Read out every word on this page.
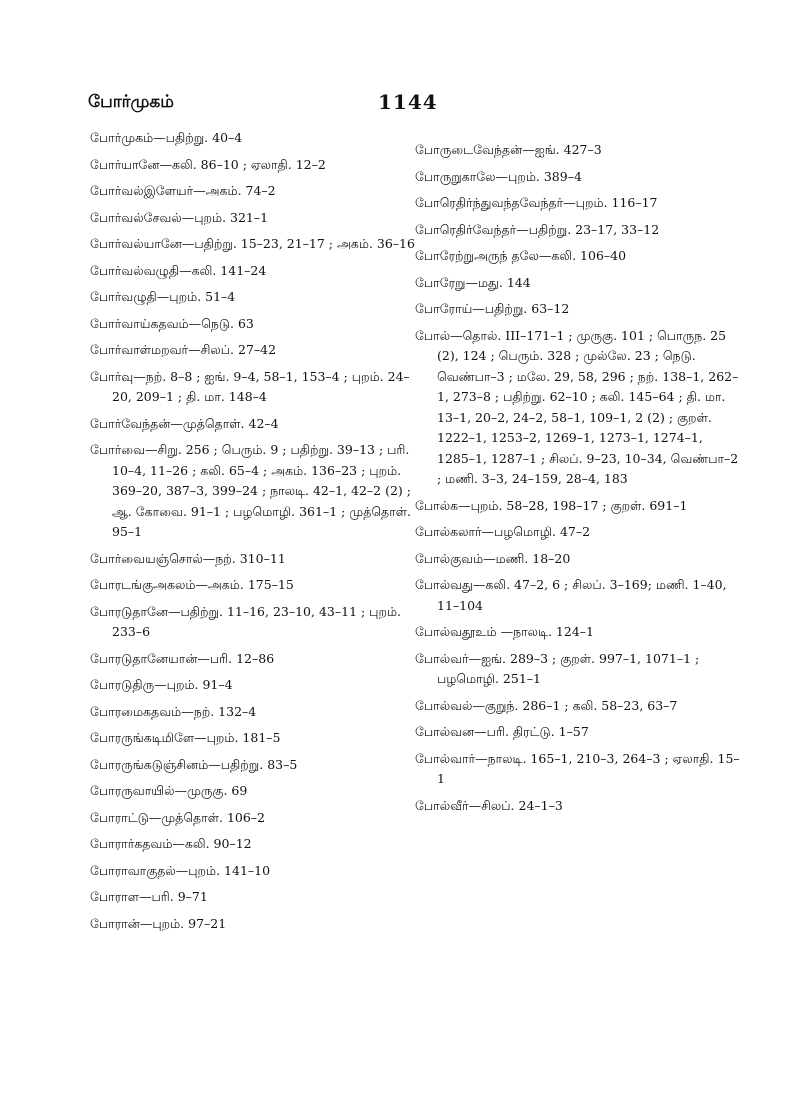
போர்முகம்	1144
போர்முகம்—பதிற்று. 40–4
போர்யானே—கலி. 86–10 ; ஏலாதி. 12–2
போர்வல்இளேயர்—அகம். 74–2
போர்வல்சேவல்—புறம். 321–1
போர்வல்யானே—பதிற்று. 15–23, 21–17 ; அகம். 36–16
போர்வல்வழுதி—கலி. 141–24
போர்வழுதி—புறம். 51–4
போர்வாய்கதவம்—நெடு. 63
போர்வாள்மறவர்—சிலப். 27–42
போர்வு—நற். 8–8 ; ஐங். 9–4, 58–1, 153–4 ; புறம். 24–20, 209–1 ; தி. மா. 148–4
போர்வேந்தன்—முத்தொள். 42–4
போர்வை—சிறு. 256 ; பெரும். 9 ; பதிற்று. 39–13 ; பரி. 10–4, 11–26 ; கலி. 65–4 ; அகம். 136–23 ; புறம். 369–20, 387–3, 399–24 ; நாலடி. 42–1, 42–2 (2) ; ஆ. கோவை. 91–1 ; பழமொழி. 361–1 ; முத்தொள். 95–1
போர்வையஞ்சொல்—நற். 310–11
போரடங்குஅகலம்—அகம். 175–15
போரடுதானே—பதிற்று. 11–16, 23–10, 43–11 ; புறம். 233–6
போரடுதானேயான்—பரி. 12–86
போரடுதிரு—புறம். 91–4
போரமைகதவம்—நற். 132–4
போரருங்கடிமிளே—புறம். 181–5
போரருங்கடுஞ்சினம்—பதிற்று. 83–5
போரருவாயில்—முருகு. 69
போராட்டு—முத்தொள். 106–2
போரார்கதவம்—கலி. 90–12
போராவாகுதல்—புறம். 141–10
போராள—பரி. 9–71
போரான்—புறம். 97–21
போருடைவேந்தன்—ஐங். 427–3
போருறுகாலே—புறம். 389–4
போரெதிர்ந்துவந்தவேந்தர்—புறம். 116–17
போரெதிர்வேந்தர்—பதிற்று. 23–17, 33–12
போரேற்றுஅருந் தலே—கலி. 106–40
போரேறு—மது. 144
போரோய்—பதிற்று. 63–12
போல்—தொல். III–171–1 ; முருகு. 101 ; பொருந. 25 (2), 124 ; பெரும். 328 ; முல்லே. 23 ; நெடு. வெண்பா–3 ; மலே. 29, 58, 296 ; நற். 138–1, 262–1, 273–8 ; பதிற்று. 62–10 ; கலி. 145–64 ; தி. மா. 13–1, 20–2, 24–2, 58–1, 109–1, 2 (2) ; குறள். 1222–1, 1253–2, 1269–1, 1273–1, 1274–1, 1285–1, 1287–1 ; சிலப். 9–23, 10–34, வெண்பா–2 ; மணி. 3–3, 24–159, 28–4, 183
போல்க—புறம். 58–28, 198–17 ; குறள். 691–1
போல்கலார்—பழமொழி. 47–2
போல்குவம்—மணி. 18–20
போல்வது—கலி. 47–2, 6 ; சிலப். 3–169; மணி. 1–40, 11–104
போல்வதூஉம் —நாலடி. 124–1
போல்வர்—ஐங். 289–3 ; குறள். 997–1, 1071–1 ; பழமொழி. 251–1
போல்வல்—குறுந். 286–1 ; கலி. 58–23, 63–7
போல்வன—பரி. திரட்டு. 1–57
போல்வார்—நாலடி. 165–1, 210–3, 264–3 ; ஏலாதி. 15–1
போல்வீர்—சிலப். 24–1–3
